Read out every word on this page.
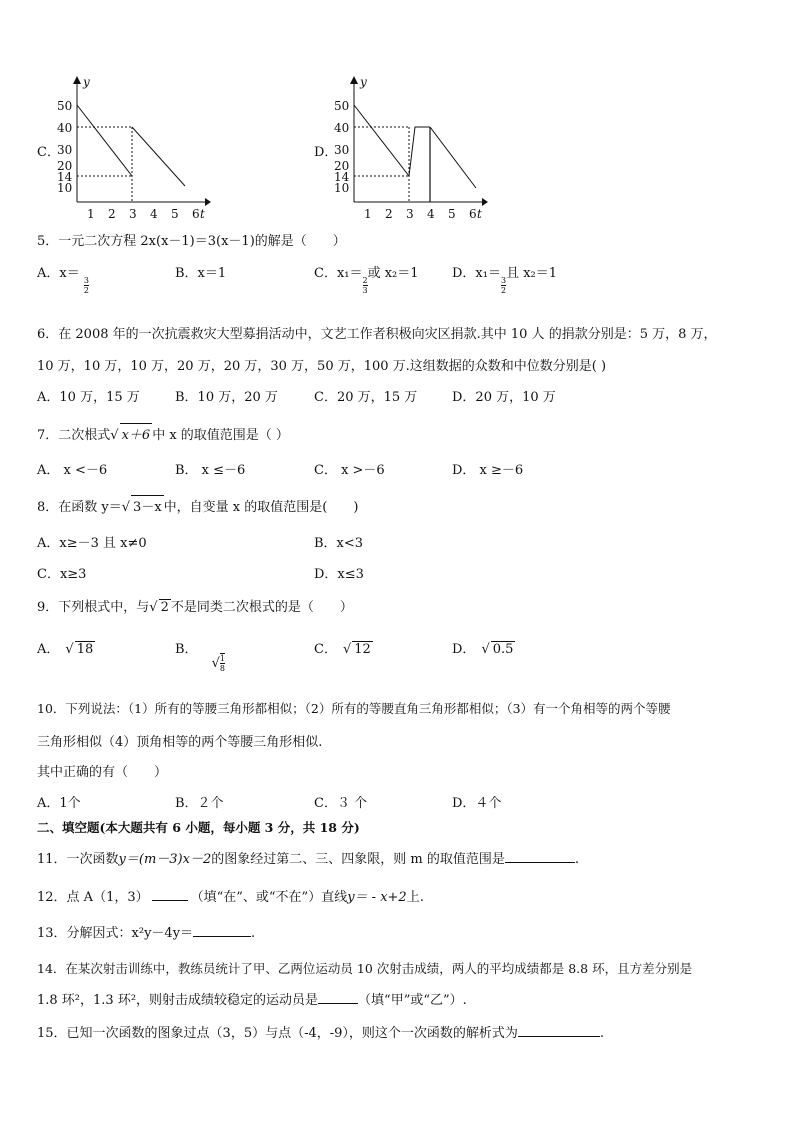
C．
y
t
50
40
30
20
14
10
1 2 3 4 5 6
D．
y
t
50
40
30
20
14
10
1 2 3 4 5 6
5．一元二次方程 2x(x－1)＝3(x－1)的解是（　　）
A．x＝
$\frac{3}{2}$
B．x＝1	C．x₁＝
$\frac{2}{3}$
或 x₂＝1	D．x₁＝
$\frac{3}{2}$
且 x₂＝1
6．在 2008 年的一次抗震救灾大型募捐活动中，文艺工作者积极向灾区捐款.其中 10 人 的捐款分别是：5 万，8 万，
10 万，10 万，10 万，20 万，20 万，30 万，50 万，100 万.这组数据的众数和中位数分别是( )
A．10 万，15 万	B．10 万，20 万	C．20 万，15 万	D．20 万，10 万
7．二次根式√ x＋6 中 x 的取值范围是（ ）
A． x <－6	B． x ≤－6	C． x >－6	D． x ≥－6
8．在函数 y＝√ 3－x 中，自变量 x 的取值范围是(　　)
A．x≥－3 且 x≠0	B．x<3
C．x≥3	D．x≤3
9．下列根式中，与√ 2 不是同类二次根式的是（　　）
A． √ 18	B．√ $\frac{1}{8}$
C． √ 12	D． √ 0.5
10．下列说法：（1）所有的等腰三角形都相似；（2）所有的等腰直角三角形都相似；（3）有一个角相等的两个等腰
三角形相似（4）顶角相等的两个等腰三角形相似.
其中正确的有（　　）
A．1个	B．２个	C．３ 个	D．４个
二、填空题(本大题共有 6 小题，每小题 3 分，共 18 分)
11．一次函数y＝(m－3)x－2的图象经过第二、三、四象限，则 m 的取值范围是	.
12．点 A（1，3）	（填“在”、或“不在”）直线y＝ - x+2上.
13．分解因式：x²y－4y＝	.
14．在某次射击训练中，教练员统计了甲、乙两位运动员 10 次射击成绩，两人的平均成绩都是 8.8 环，且方差分别是
1.8 环²，1.3 环²，则射击成绩较稳定的运动员是	（填“甲”或“乙”）.
15．已知一次函数的图象过点（3，5）与点（-4，-9），则这个一次函数的解析式为	.
